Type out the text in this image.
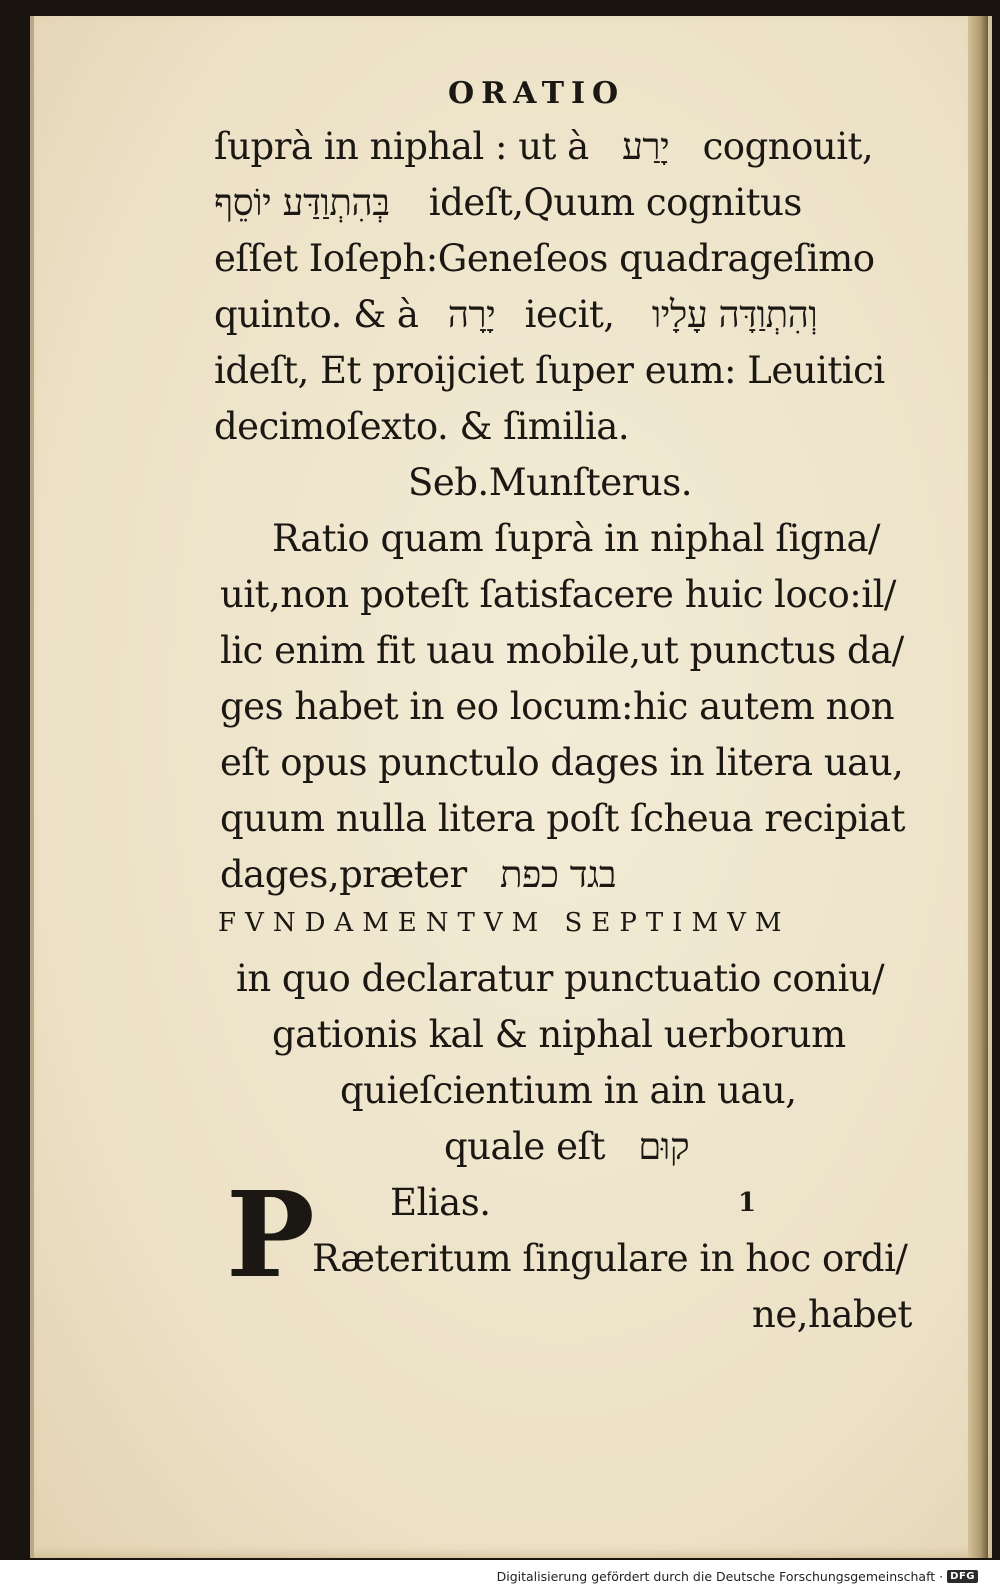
ORATIO
ſuprà in niphal : ut à יָרַע cognouit,
בְּהִתְוַדַּע יוֹסֵף ideſt,Quum cognitus
eſſet Ioſeph:Geneſeos quadrageſimo
quinto. & à יָרָה iecit, וְהִתְוַדָּה עָלָיו
ideſt, Et proijciet ſuper eum: Leuitici
decimoſexto. & ſimilia.
Seb.Munſterus.
Ratio quam ſuprà in niphal ſigna/
uit,non poteſt ſatisfacere huic loco:il/
lic enim fit uau mobile,ut punctus da/
ges habet in eo locum:hic autem non
eſt opus punctulo dages in litera uau,
quum nulla litera poſt ſcheua recipiat
dages,præter בגד כפת
FVNDAMENTVM SEPTIMVM
in quo declaratur punctuatio coniu/
gationis kal & niphal uerborum
quieſcientium in ain uau,
quale eſt קוּם
Elias.	1
P
Ræteritum ſingulare in hoc ordi/
ne,habet
Digitalisierung gefördert durch die Deutsche Forschungsgemeinschaft · DFG
